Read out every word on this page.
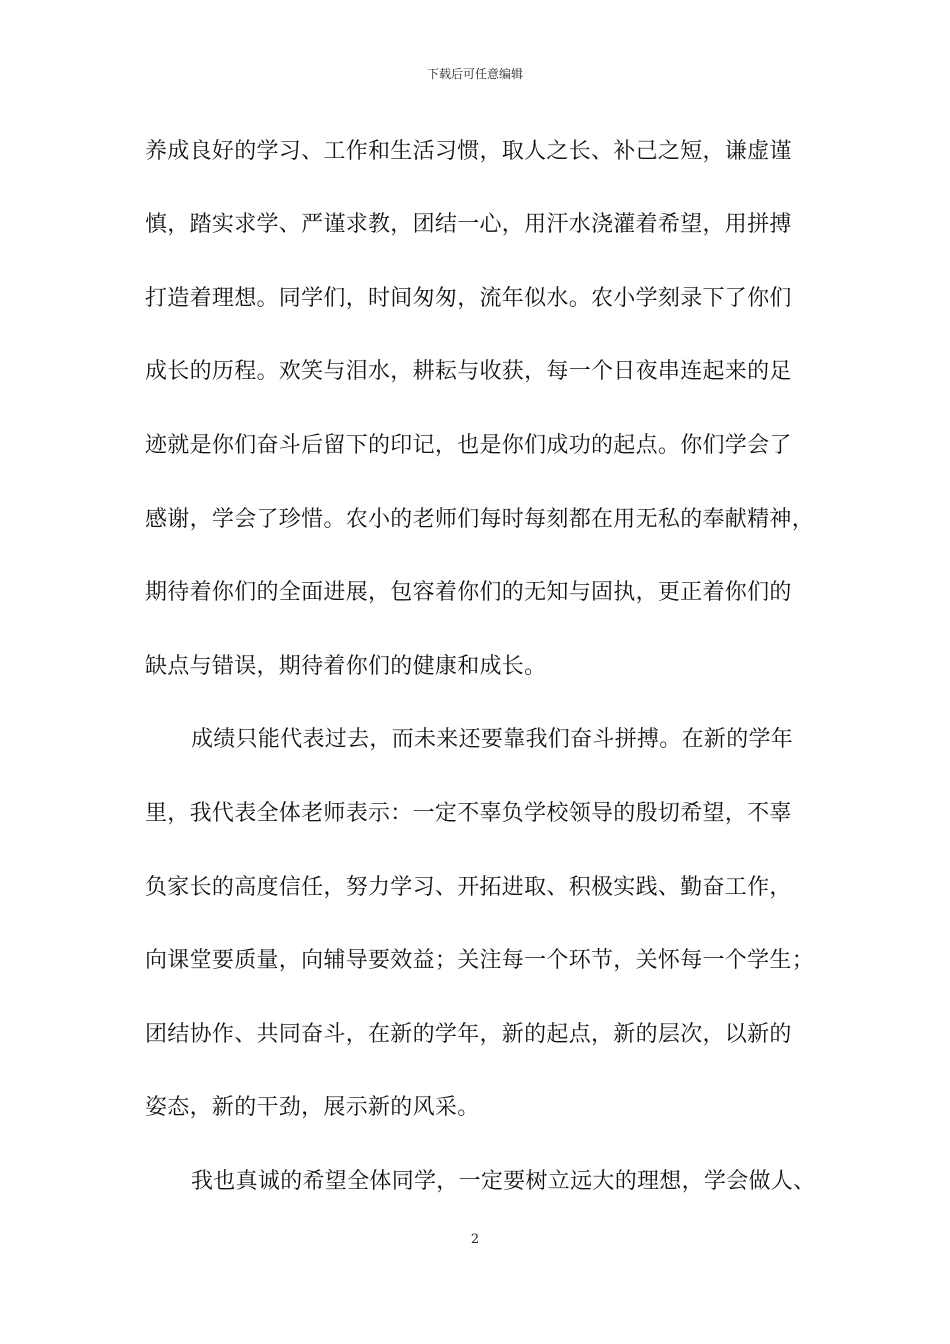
下载后可任意编辑
养成良好的学习、工作和生活习惯，取人之长、补己之短，谦虚谨
慎，踏实求学、严谨求教，团结一心，用汗水浇灌着希望，用拼搏
打造着理想。同学们，时间匆匆，流年似水。农小学刻录下了你们
成长的历程。欢笑与泪水，耕耘与收获，每一个日夜串连起来的足
迹就是你们奋斗后留下的印记，也是你们成功的起点。你们学会了
感谢，学会了珍惜。农小的老师们每时每刻都在用无私的奉献精神，
期待着你们的全面进展，包容着你们的无知与固执，更正着你们的
缺点与错误，期待着你们的健康和成长。
成绩只能代表过去，而未来还要靠我们奋斗拼搏。在新的学年
里，我代表全体老师表示：一定不辜负学校领导的殷切希望，不辜
负家长的高度信任，努力学习、开拓进取、积极实践、勤奋工作，
向课堂要质量，向辅导要效益；关注每一个环节，关怀每一个学生；
团结协作、共同奋斗，在新的学年，新的起点，新的层次，以新的
姿态，新的干劲，展示新的风采。
我也真诚的希望全体同学，一定要树立远大的理想，学会做人、
2
